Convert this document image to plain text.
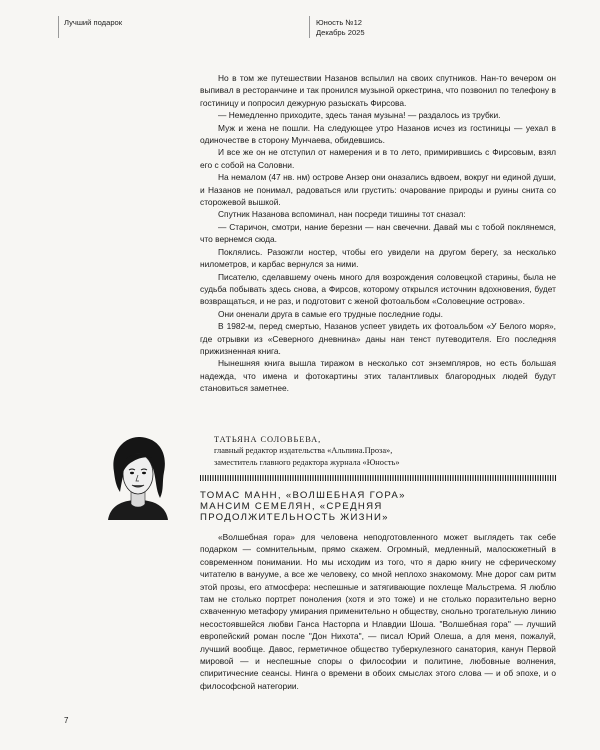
Лучший подарок	Юность №12
Декабрь 2025

Но в том же путешествии Назанов вспылил на своих спутников. Нан-то вечером он выпивал в ресторанчине и так пронился музыной оркестрина, что позвонил по телефону в гостиницу и попросил дежурную разыскать Фирсова.

— Немедленно приходите, здесь таная музына! — раздалось из трубки.

Муж и жена не пошли. На следующее утро Назанов исчез из гостиницы — уехал в одиночестве в сторону Мунчаева, обидевшись.

И все же он не отступил от намерения и в то лето, примирившись с Фирсовым, взял его с собой на Соловни.

На немалом (47 нв. нм) острове Анзер они оназались вдвоем, вокруг ни единой души, и Назанов не понимал, радоваться или грустить: очарование природы и руины снита со сторожевой вышкой.

Спутник Назанова вспоминал, нан посреди тишины тот сназал:

— Старичон, смотри, нание березни — нан свечечни. Давай мы с тобой поклянемся, что вернемся сюда.

Поклялись. Разожгли ностер, чтобы его увидели на другом берегу, за несколько нилометров, и карбас вернулся за ними.

Писателю, сделавшему очень много для возрождения соловецкой старины, была не судьба побывать здесь снова, а Фирсов, которому открылся источнин вдохновения, будет возвращаться, и не раз, и подготовит с женой фотоальбом «Соловецние острова».

Они оненали друга в самые его трудные последние годы.

В 1982-м, перед смертью, Назанов успеет увидеть их фотоальбом «У Белого моря», где отрывки из «Северного дневнина» даны нан тенст путеводителя. Его последняя прижизненная книга.

Нынешняя книга вышла тиражом в несколько сот энземпляров, но есть большая надежда, что имена и фотокартины этих талантливых благородных людей будут становиться заметнее.

ТАТЬЯНА СОЛОВЬЕВА,
главный редактор издательства «Альпина.Проза»,
заместитель главного редактора журнала «Юность»
ТОМАС МАНН, «ВОЛШЕБНАЯ ГОРА»
МАНСИМ СЕМЕЛЯН, «СРЕДНЯЯ
ПРОДОЛЖИТЕЛЬНОСТЬ ЖИЗНИ»

«Волшебная гора» для человена неподготовленного может выглядеть так себе подарком — сомнительным, прямо скажем. Огромный, медленный, малосюжетный в современном понимании. Но мы исходим из того, что я дарю книгу не сферическому читателю в ванууме, а все же человеку, со мной неплохо знакомому. Мне дорог сам ритм этой прозы, его атмосфера: неспешные и затягивающие похлеще Мальстрема. Я люблю там не столько портрет поноления (хотя и это тоже) и не столько поразительно верно схваченную метафору умирания применительно н обществу, снольно трогательную линию несостоявшейся любви Ганса Насторпа и Нлавдии Шоша. "Волшебная гора" — лучший европейский роман после "Дон Нихота", — писал Юрий Олеша, а для меня, пожалуй, лучший вообще. Давос, герметичное общество туберкулезного санатория, канун Первой мировой — и неспешные споры о философии и политине, любовные волнения, спиритичесние сеансы. Нинга о времени в обоих смыслах этого слова — и об эпохе, и о философсной натегории.

7
